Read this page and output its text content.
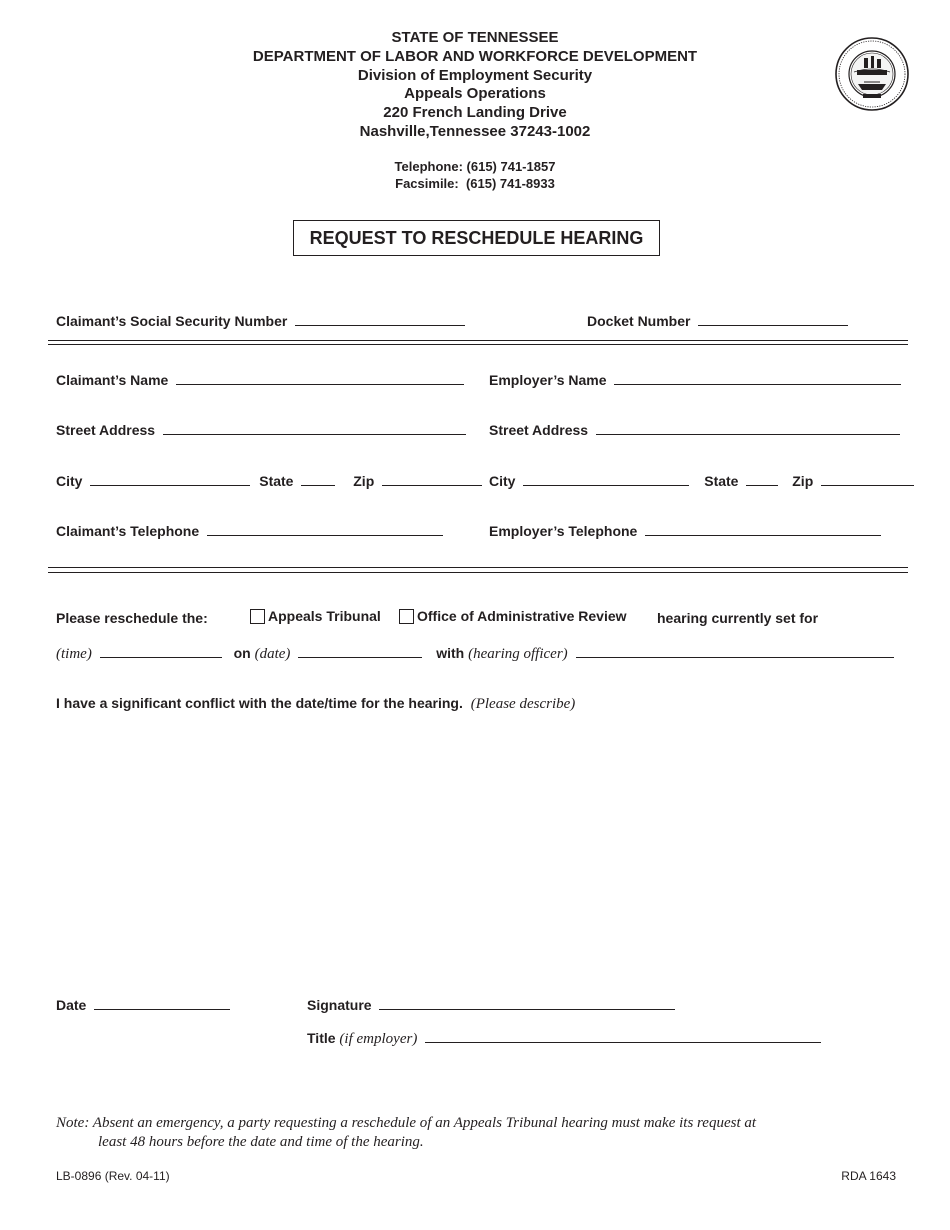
STATE OF TENNESSEE
DEPARTMENT OF LABOR AND WORKFORCE DEVELOPMENT
Division of Employment Security
Appeals Operations
220 French Landing Drive
Nashville,Tennessee 37243-1002
Telephone: (615) 741-1857
Facsimile:  (615) 741-8933
REQUEST TO RESCHEDULE HEARING
Claimant’s Social Security Number	Docket Number
Claimant’s Name	Employer’s Name
Street Address	Street Address
City	State	Zip	City	State	Zip
Claimant’s Telephone	Employer’s Telephone
Please reschedule the:	Appeals Tribunal	Office of Administrative Review hearing currently set for
(time)	on (date)	with (hearing officer)
I have a significant conflict with the date/time for the hearing. (Please describe)
Date	Signature
Title (if employer)
Note: Absent an emergency, a party requesting a reschedule of an Appeals Tribunal hearing must make its request at
least 48 hours before the date and time of the hearing.
LB-0896 (Rev. 04-11)	RDA 1643
